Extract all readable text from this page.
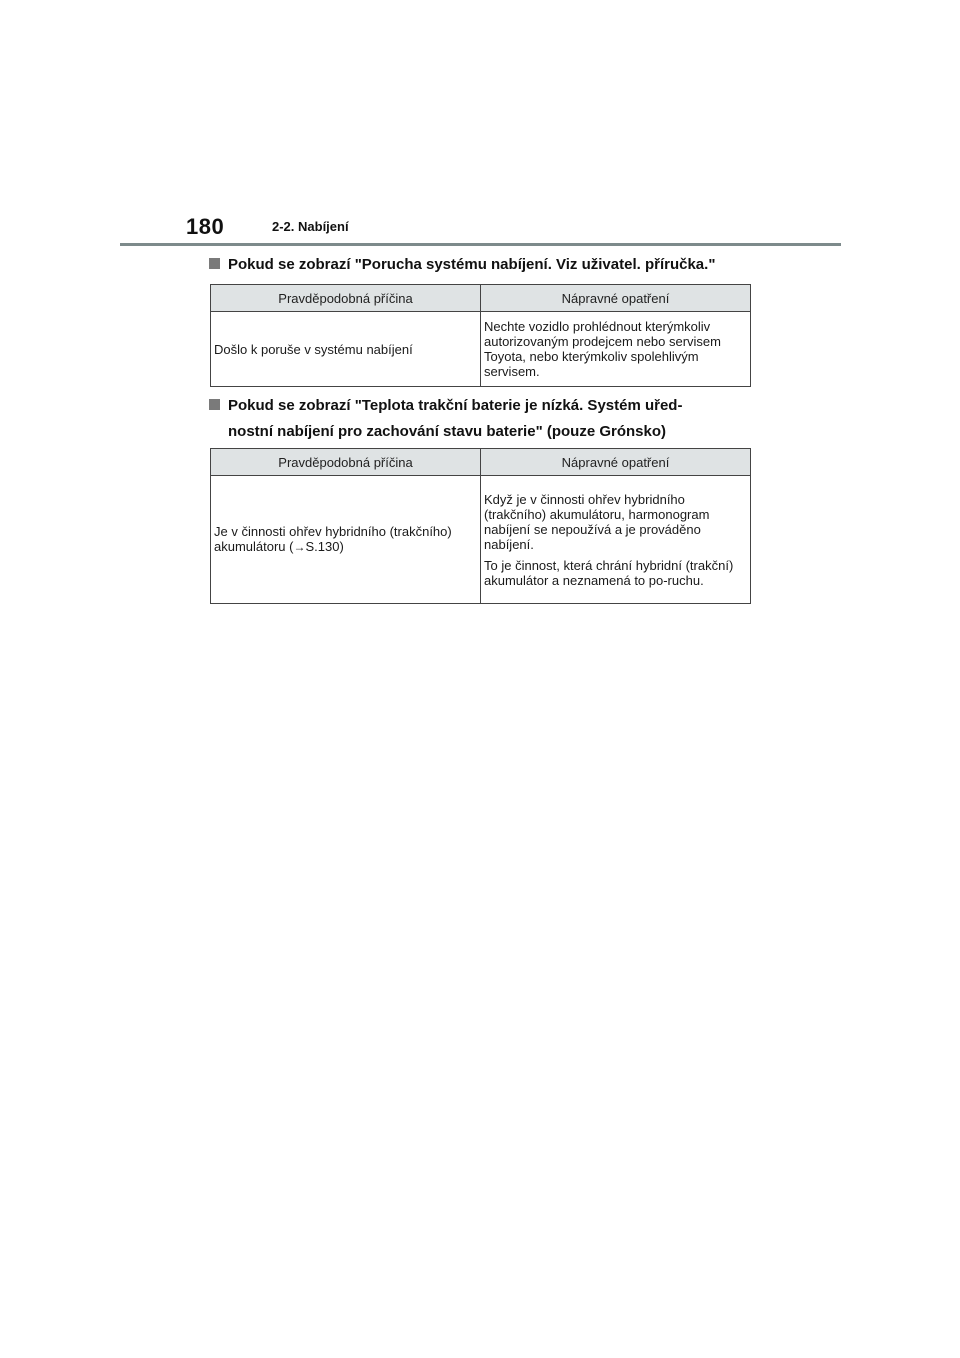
180	2-2. Nabíjení
Pokud se zobrazí "Porucha systému nabíjení. Viz uživatel. příručka."
Pravděpodobná příčina	Nápravné opatření
Došlo k poruše v systému nabíjení	Nechte vozidlo prohlédnout kterýmkoliv autorizovaným prodejcem nebo servisem Toyota, nebo kterýmkoliv spolehlivým servisem.
Pokud se zobrazí "Teplota trakční baterie je nízká. Systém uřed-
nostní nabíjení pro zachování stavu baterie" (pouze Grónsko)
Pravděpodobná příčina	Nápravné opatření
Je v činnosti ohřev hybridního (trakčního) akumulátoru (→S.130)	Když je v činnosti ohřev hybridního (trakčního) akumulátoru, harmonogram nabíjení se nepoužívá a je prováděno nabíjení.
To je činnost, která chrání hybridní (trakční) akumulátor a neznamená to po-ruchu.
